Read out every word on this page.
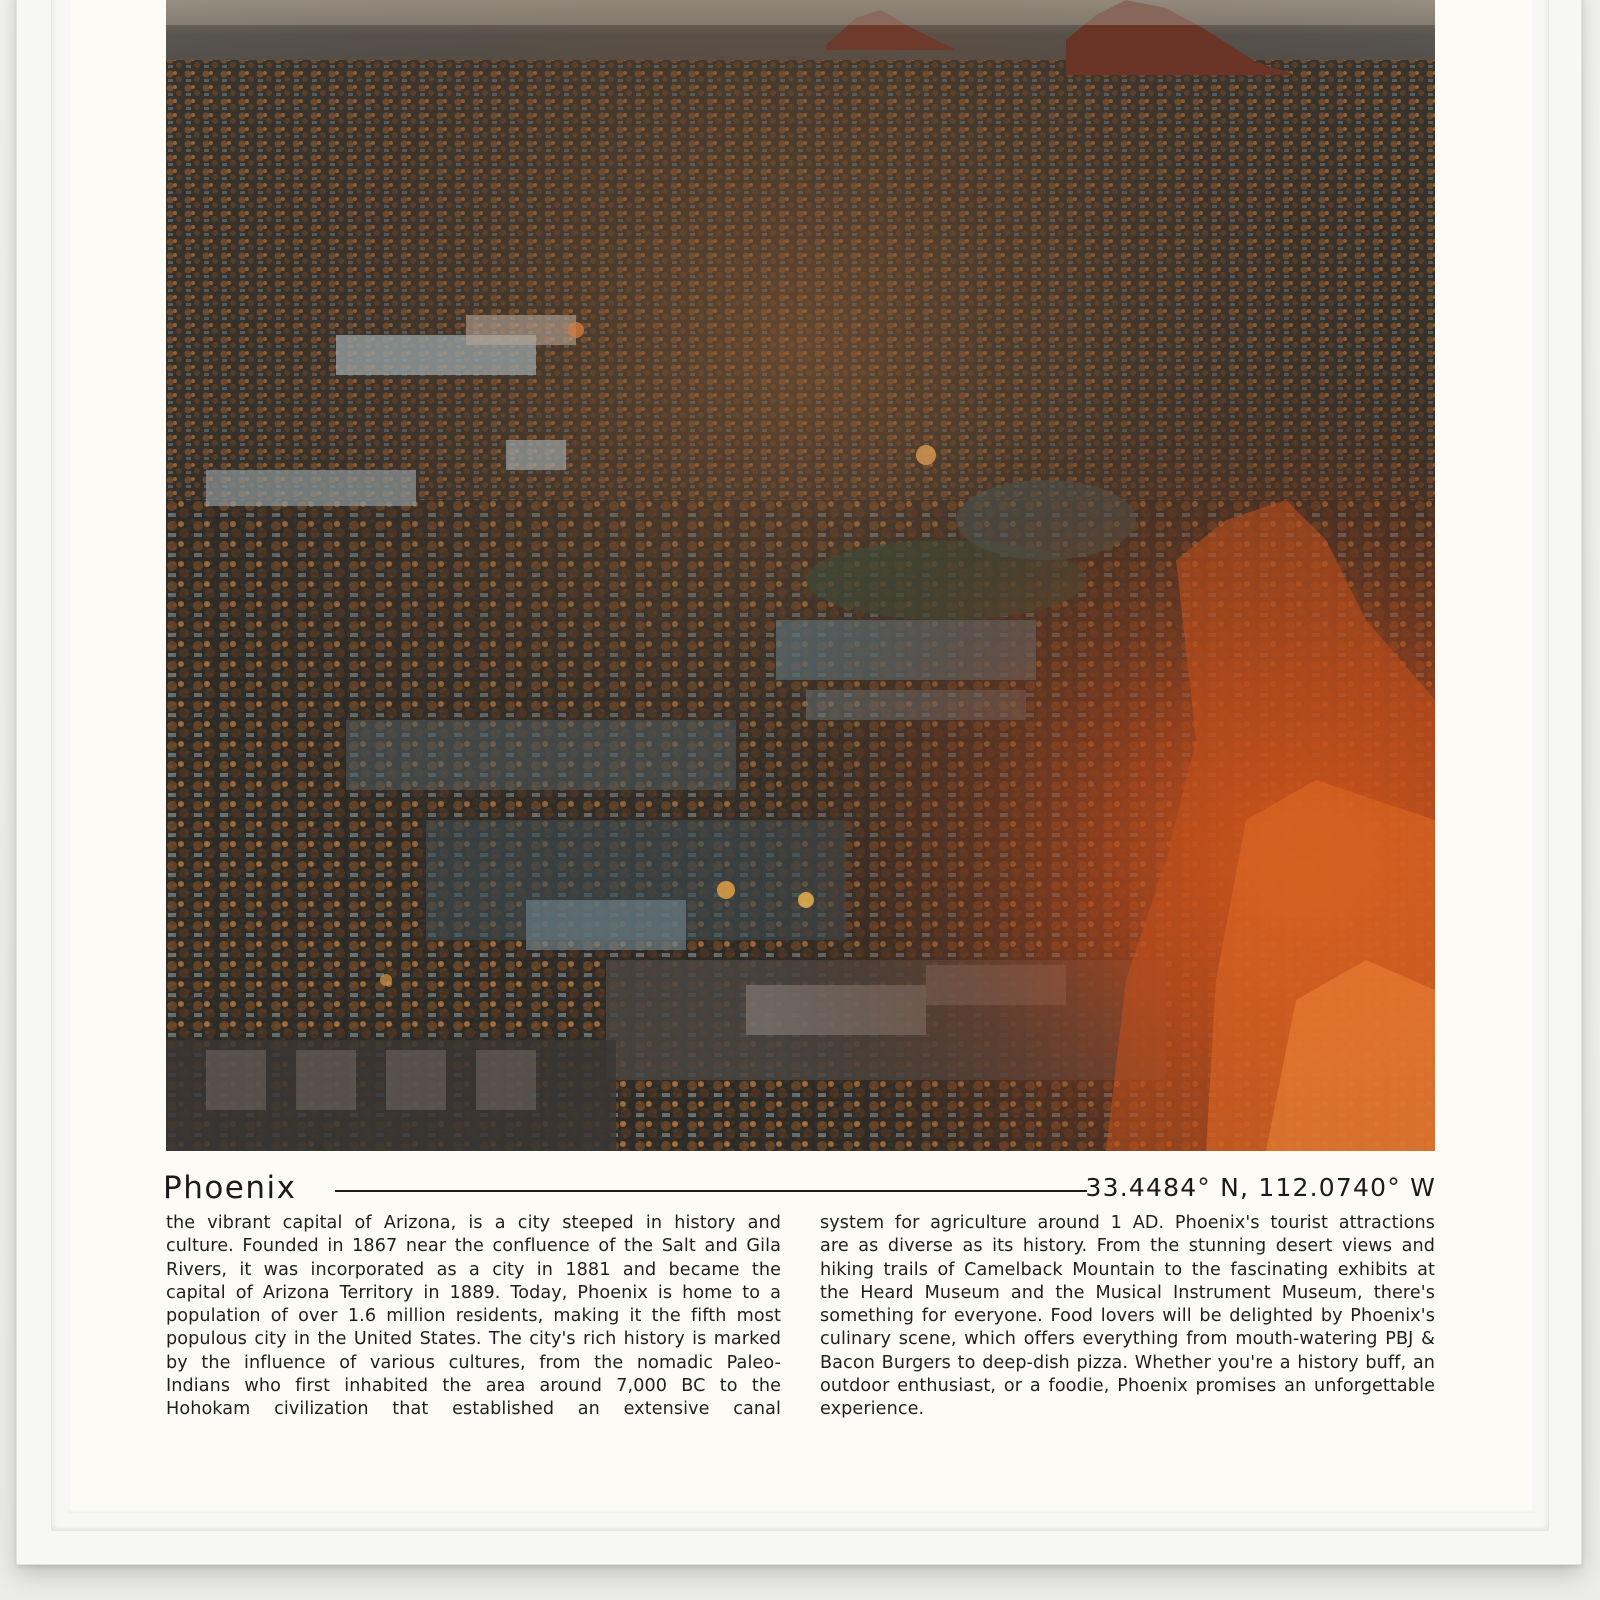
Phoenix	33.4484° N, 112.0740° W
the vibrant capital of Arizona, is a city steeped in history and culture. Founded in 1867 near the confluence of the Salt and Gila Rivers, it was incorporated as a city in 1881 and became the capital of Arizona Territory in 1889. Today, Phoenix is home to a population of over 1.6 million residents, making it the fifth most populous city in the United States. The city's rich history is marked by the influence of various cultures, from the nomadic Paleo-Indians who first inhabited the area around 7,000 BC to the Hohokam civilization that established an extensive canal
system for agriculture around 1 AD. Phoenix's tourist attractions are as diverse as its history. From the stunning desert views and hiking trails of Camelback Mountain to the fascinating exhibits at the Heard Museum and the Musical Instrument Museum, there's something for everyone. Food lovers will be delighted by Phoenix's culinary scene, which offers everything from mouth-watering PBJ & Bacon Burgers to deep-dish pizza. Whether you're a history buff, an outdoor enthusiast, or a foodie, Phoenix promises an unforgettable experience.
